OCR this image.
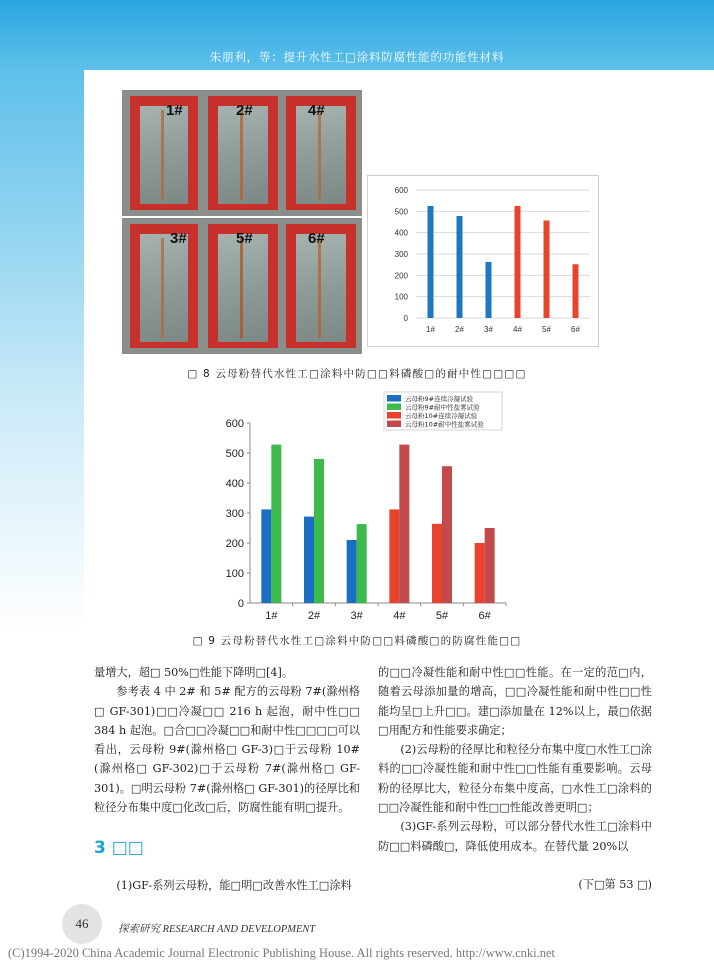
朱朋利，等：提升水性工□涂料防腐性能的功能性材料
1#	2#	4#
3#	5#	6#
0
100
200
300
400
500
600
1#	2#	3#	4#	5#	6#
□ 8 云母粉替代水性工□涂料中防□□料磷酸□的耐中性□□□□
0
100
200
300
400
500
600
1#	2#	3#	4#	5#	6#
云母粉9#连续冷凝试验
云母粉9#耐中性盐雾试验
云母粉10#连续冷凝试验
云母粉10#耐中性盐雾试验
□ 9 云母粉替代水性工□涂料中防□□料磷酸□的防腐性能□□

量增大，超□ 50%□性能下降明□[4]。

参考表 4 中 2# 和 5# 配方的云母粉 7#(滁州格□ GF-301)□□冷凝□□ 216 h 起泡，耐中性□□ 384 h 起泡。□合□□冷凝□□和耐中性□□□□可以看出，云母粉 9#(滁州格□ GF-3)□于云母粉 10#(滁州格□ GF-302)□于云母粉 7#(滁州格□ GF-301)。□明云母粉 7#(滁州格□ GF-301)的径厚比和粒径分布集中度□化改□后，防腐性能有明□提升。

3 □□

(1)GF-系列云母粉，能□明□改善水性工□涂料

的□□冷凝性能和耐中性□□性能。在一定的范□内，随着云母添加量的增高，□□冷凝性能和耐中性□□性能均呈□上升□□。建□添加量在 12%以上，最□依据□用配方和性能要求确定；

(2)云母粉的径厚比和粒径分布集中度□水性工□涂料的□□冷凝性能和耐中性□□性能有重要影响。云母粉的径厚比大，粒径分布集中度高，□水性工□涂料的□□冷凝性能和耐中性□□性能改善更明□；

(3)GF-系列云母粉，可以部分替代水性工□涂料中防□□料磷酸□，降低使用成本。在替代量 20%以

(下□第 53 □)
46	探索研究 RESEARCH AND DEVELOPMENT
(C)1994-2020 China Academic Journal Electronic Publishing House. All rights reserved. http://www.cnki.net
